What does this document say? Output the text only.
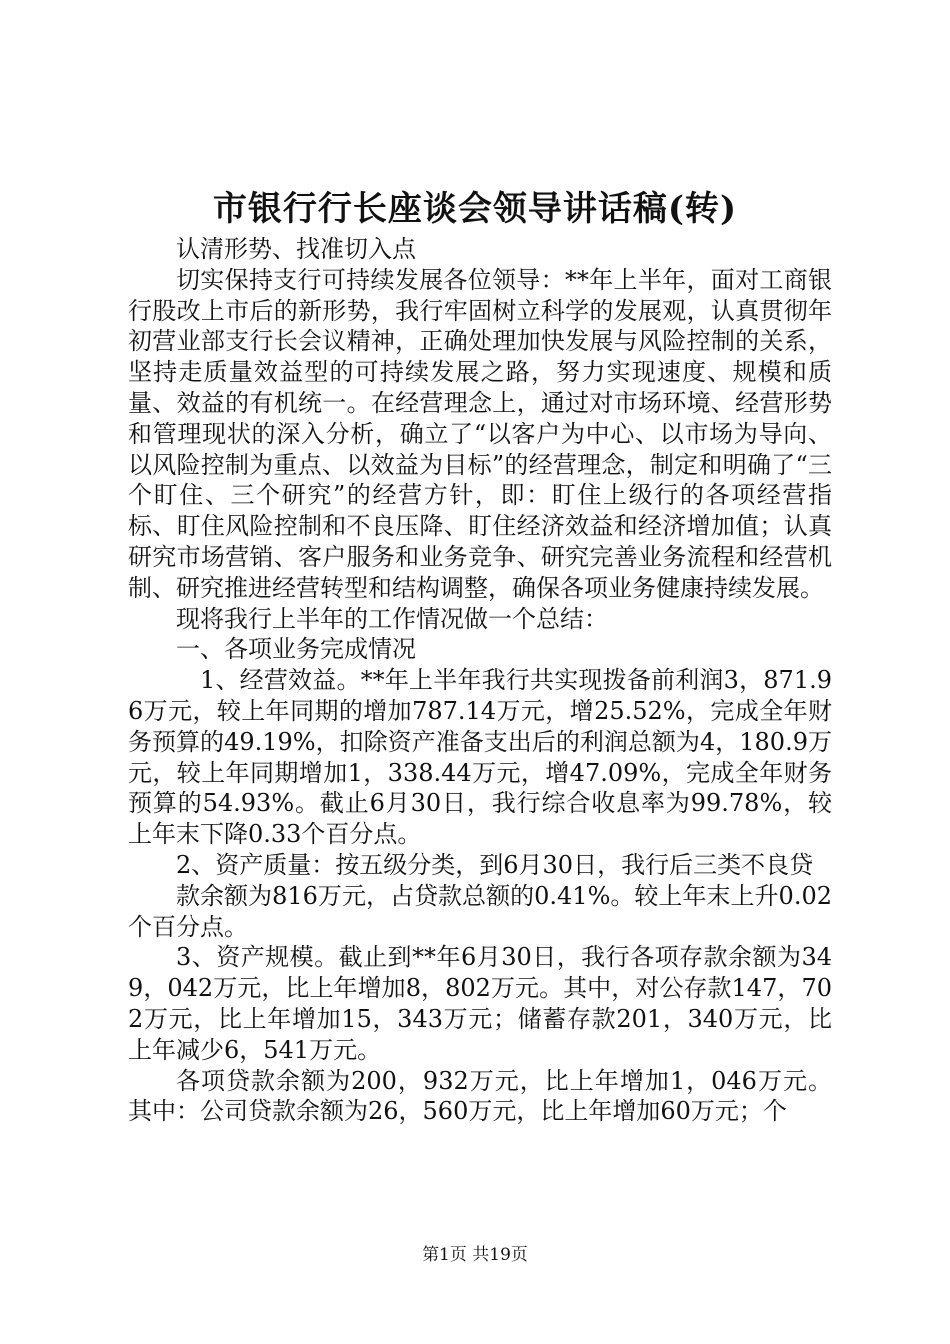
市银行行长座谈会领导讲话稿(转)

认清形势、找准切入点

切实保持支行可持续发展各位领导：**年上半年，面对工商银行股改上市后的新形势，我行牢固树立科学的发展观，认真贯彻年初营业部支行长会议精神，正确处理加快发展与风险控制的关系，坚持走质量效益型的可持续发展之路，努力实现速度、规模和质量、效益的有机统一。在经营理念上，通过对市场环境、经营形势和管理现状的深入分析，确立了“以客户为中心、以市场为导向、以风险控制为重点、以效益为目标”的经营理念，制定和明确了“三个盯住、三个研究”的经营方针，即：盯住上级行的各项经营指标、盯住风险控制和不良压降、盯住经济效益和经济增加值；认真研究市场营销、客户服务和业务竞争、研究完善业务流程和经营机制、研究推进经营转型和结构调整，确保各项业务健康持续发展。

现将我行上半年的工作情况做一个总结：

一、各项业务完成情况

1、经营效益。**年上半年我行共实现拨备前利润3，871.96万元，较上年同期的增加787.14万元，增25.52%，完成全年财务预算的49.19%，扣除资产准备支出后的利润总额为4，180.9万元，较上年同期增加1，338.44万元，增47.09%，完成全年财务预算的54.93%。截止6月30日，我行综合收息率为99.78%，较上年末下降0.33个百分点。

2、资产质量：按五级分类，到6月30日，我行后三类不良贷

款余额为816万元，占贷款总额的0.41%。较上年末上升0.02个百分点。

3、资产规模。截止到**年6月30日，我行各项存款余额为349，042万元，比上年增加8，802万元。其中，对公存款147，702万元，比上年增加15，343万元；储蓄存款201，340万元，比上年减少6，541万元。

各项贷款余额为200，932万元，比上年增加1，046万元。其中：公司贷款余额为26，560万元，比上年增加60万元；个

第1页 共19页
